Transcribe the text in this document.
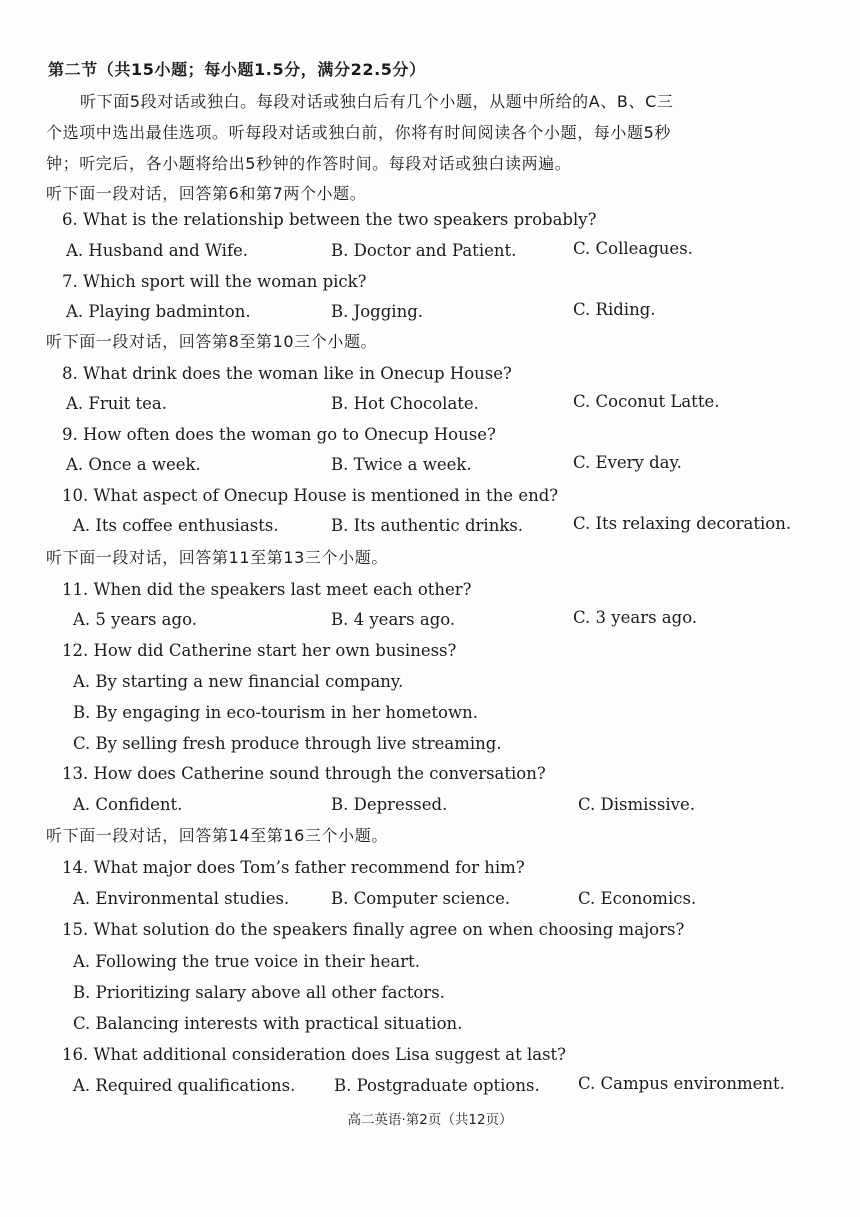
第二节（共15小题；每小题1.5分，满分22.5分）
听下面5段对话或独白。每段对话或独白后有几个小题，从题中所给的A、B、C三
个选项中选出最佳选项。听每段对话或独白前，你将有时间阅读各个小题，每小题5秒
钟；听完后，各小题将给出5秒钟的作答时间。每段对话或独白读两遍。
听下面一段对话，回答第6和第7两个小题。
6. What is the relationship between the two speakers probably?
A. Husband and Wife.	B. Doctor and Patient.	C. Colleagues.
7. Which sport will the woman pick?
A. Playing badminton.	B. Jogging.	C. Riding.
听下面一段对话，回答第8至第10三个小题。
8. What drink does the woman like in Onecup House?
A. Fruit tea.	B. Hot Chocolate.	C. Coconut Latte.
9. How often does the woman go to Onecup House?
A. Once a week.	B. Twice a week.	C. Every day.
10. What aspect of Onecup House is mentioned in the end?
A. Its coffee enthusiasts.	B. Its authentic drinks.	C. Its relaxing decoration.
听下面一段对话，回答第11至第13三个小题。
11. When did the speakers last meet each other?
A. 5 years ago.	B. 4 years ago.	C. 3 years ago.
12. How did Catherine start her own business?
A. By starting a new financial company.
B. By engaging in eco-tourism in her hometown.
C. By selling fresh produce through live streaming.
13. How does Catherine sound through the conversation?
A. Confident.	B. Depressed.	C. Dismissive.
听下面一段对话，回答第14至第16三个小题。
14. What major does Tom’s father recommend for him?
A. Environmental studies.	B. Computer science.	C. Economics.
15. What solution do the speakers finally agree on when choosing majors?
A. Following the true voice in their heart.
B. Prioritizing salary above all other factors.
C. Balancing interests with practical situation.
16. What additional consideration does Lisa suggest at last?
A. Required qualifications. B. Postgraduate options. C. Campus environment.
高二英语·第2页（共12页）
